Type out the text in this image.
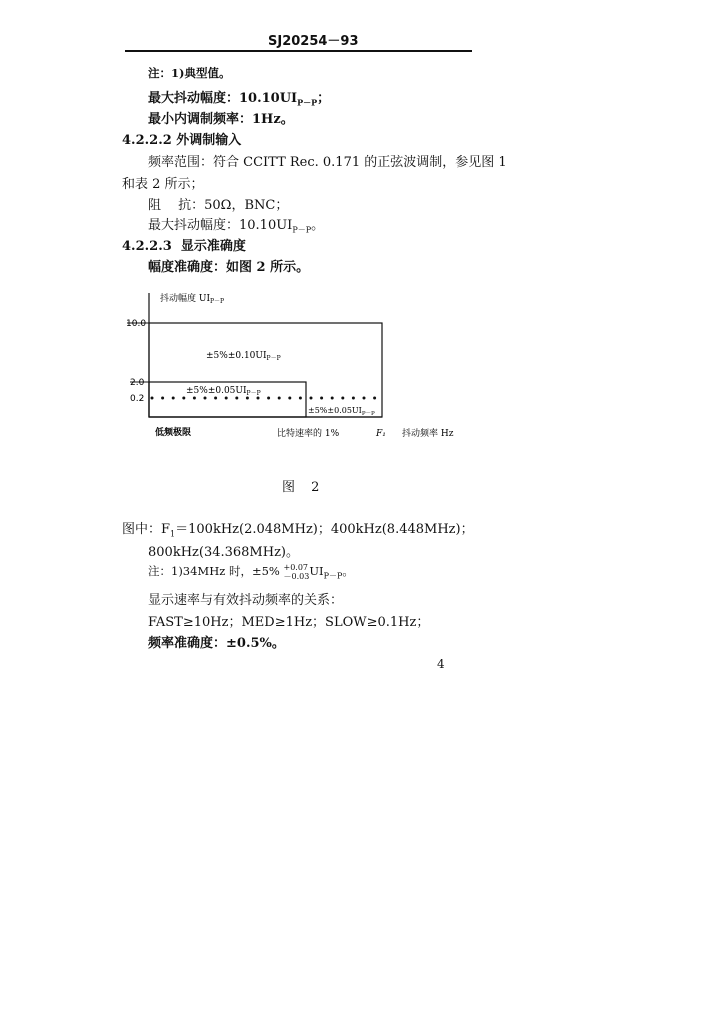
SJ20254－93
注：1)典型值。
最大抖动幅度：$10.10UI_{P-P}$；
最小内调制频率：1Hz。
4.2.2.2 外调制输入
频率范围：符合 CCITT Rec. 0.171 的正弦波调制，参见图 1
和表 2 所示；
阻　 抗：50Ω，BNC；
最大抖动幅度：$10.10UI_{P-P}$。
4.2.2.3 显示准确度
幅度准确度：如图 2 所示。
抖动幅度 $UI_{P-P}$
10.0
2.0
0.2
$\pm 5\%\pm 0.10UI_{P-P}$
$\pm 5\%\pm 0.05UI_{P-P}$
$\pm 5\%\pm 0.05UI_{P-P}$
低频极限	比特速率的 1%	F₁ 抖动频率 Hz
图 2
图中：$F_1=100kHz(2.048MHz)$；400kHz(8.448MHz)；
800kHz(34.368MHz)。
注：1)34MHz 时，±5% +0.07
－0.03 $UI_{P-P}$。
显示速率与有效抖动频率的关系：
FAST≥10Hz；MED≥1Hz；SLOW≥0.1Hz；
频率准确度：±0.5%。
4
